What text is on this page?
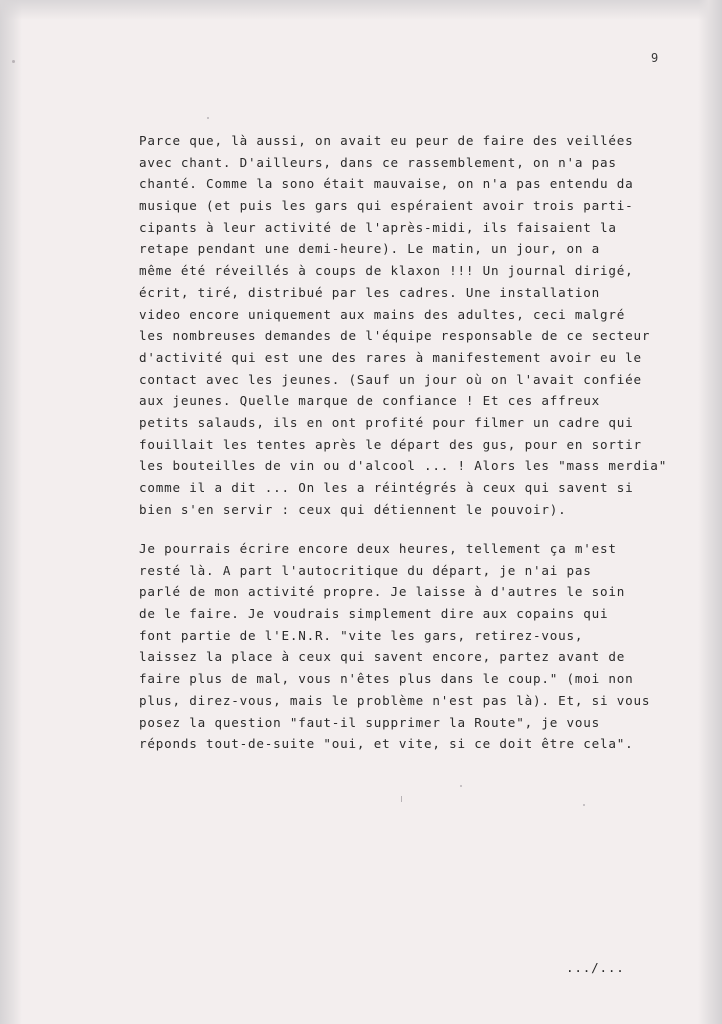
9
Parce que, là aussi, on avait eu peur de faire des veillées
avec chant. D'ailleurs, dans ce rassemblement, on n'a pas
chanté. Comme la sono était mauvaise, on n'a pas entendu da
musique (et puis les gars qui espéraient avoir trois parti-
cipants à leur activité de l'après-midi, ils faisaient la
retape pendant une demi-heure). Le matin, un jour, on a
même été réveillés à coups de klaxon !!! Un journal dirigé,
écrit, tiré, distribué par les cadres. Une installation
video encore uniquement aux mains des adultes, ceci malgré
les nombreuses demandes de l'équipe responsable de ce secteur
d'activité qui est une des rares à manifestement avoir eu le
contact avec les jeunes. (Sauf un jour où on l'avait confiée
aux jeunes. Quelle marque de confiance ! Et ces affreux
petits salauds, ils en ont profité pour filmer un cadre qui
fouillait les tentes après le départ des gus, pour en sortir
les bouteilles de vin ou d'alcool ... ! Alors les "mass merdia"
comme il a dit ... On les a réintégrés à ceux qui savent si
bien s'en servir : ceux qui détiennent le pouvoir).
Je pourrais écrire encore deux heures, tellement ça m'est
resté là. A part l'autocritique du départ, je n'ai pas
parlé de mon activité propre. Je laisse à d'autres le soin
de le faire. Je voudrais simplement dire aux copains qui
font partie de l'E.N.R. "vite les gars, retirez-vous,
laissez la place à ceux qui savent encore, partez avant de
faire plus de mal, vous n'êtes plus dans le coup." (moi non
plus, direz-vous, mais le problème n'est pas là). Et, si vous
posez la question "faut-il supprimer la Route", je vous
réponds tout-de-suite "oui, et vite, si ce doit être cela".
.../...
